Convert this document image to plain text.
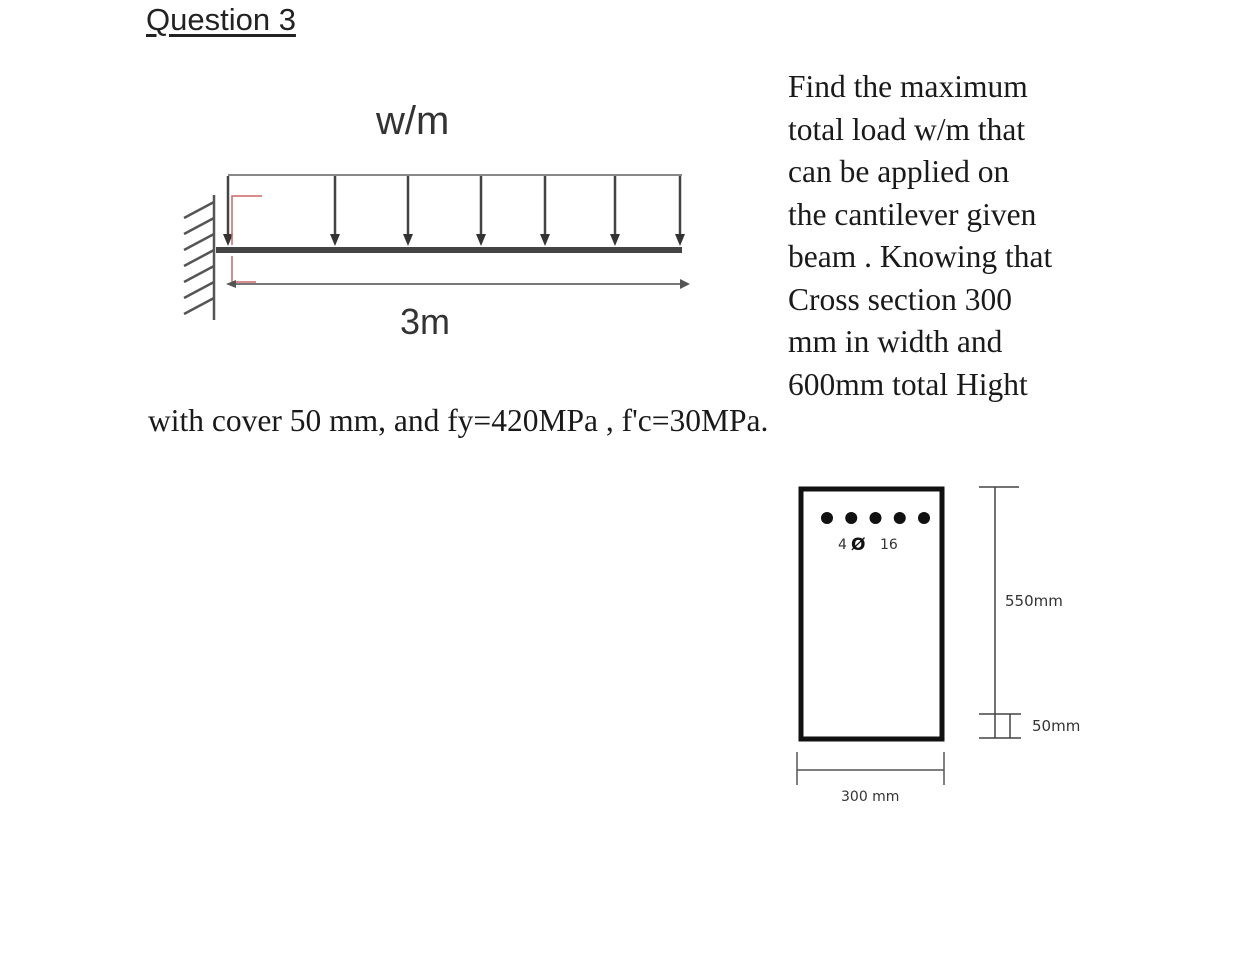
Question 3
Find the maximum
total load w/m that
can be applied on
the cantilever given
beam . Knowing that
Cross section 300
mm in width and
600mm total Hight
with cover 50 mm, and fy=420MPa , f'c=30MPa.
w/m
3m
4 Ø 16
550mm
50mm
300 mm
